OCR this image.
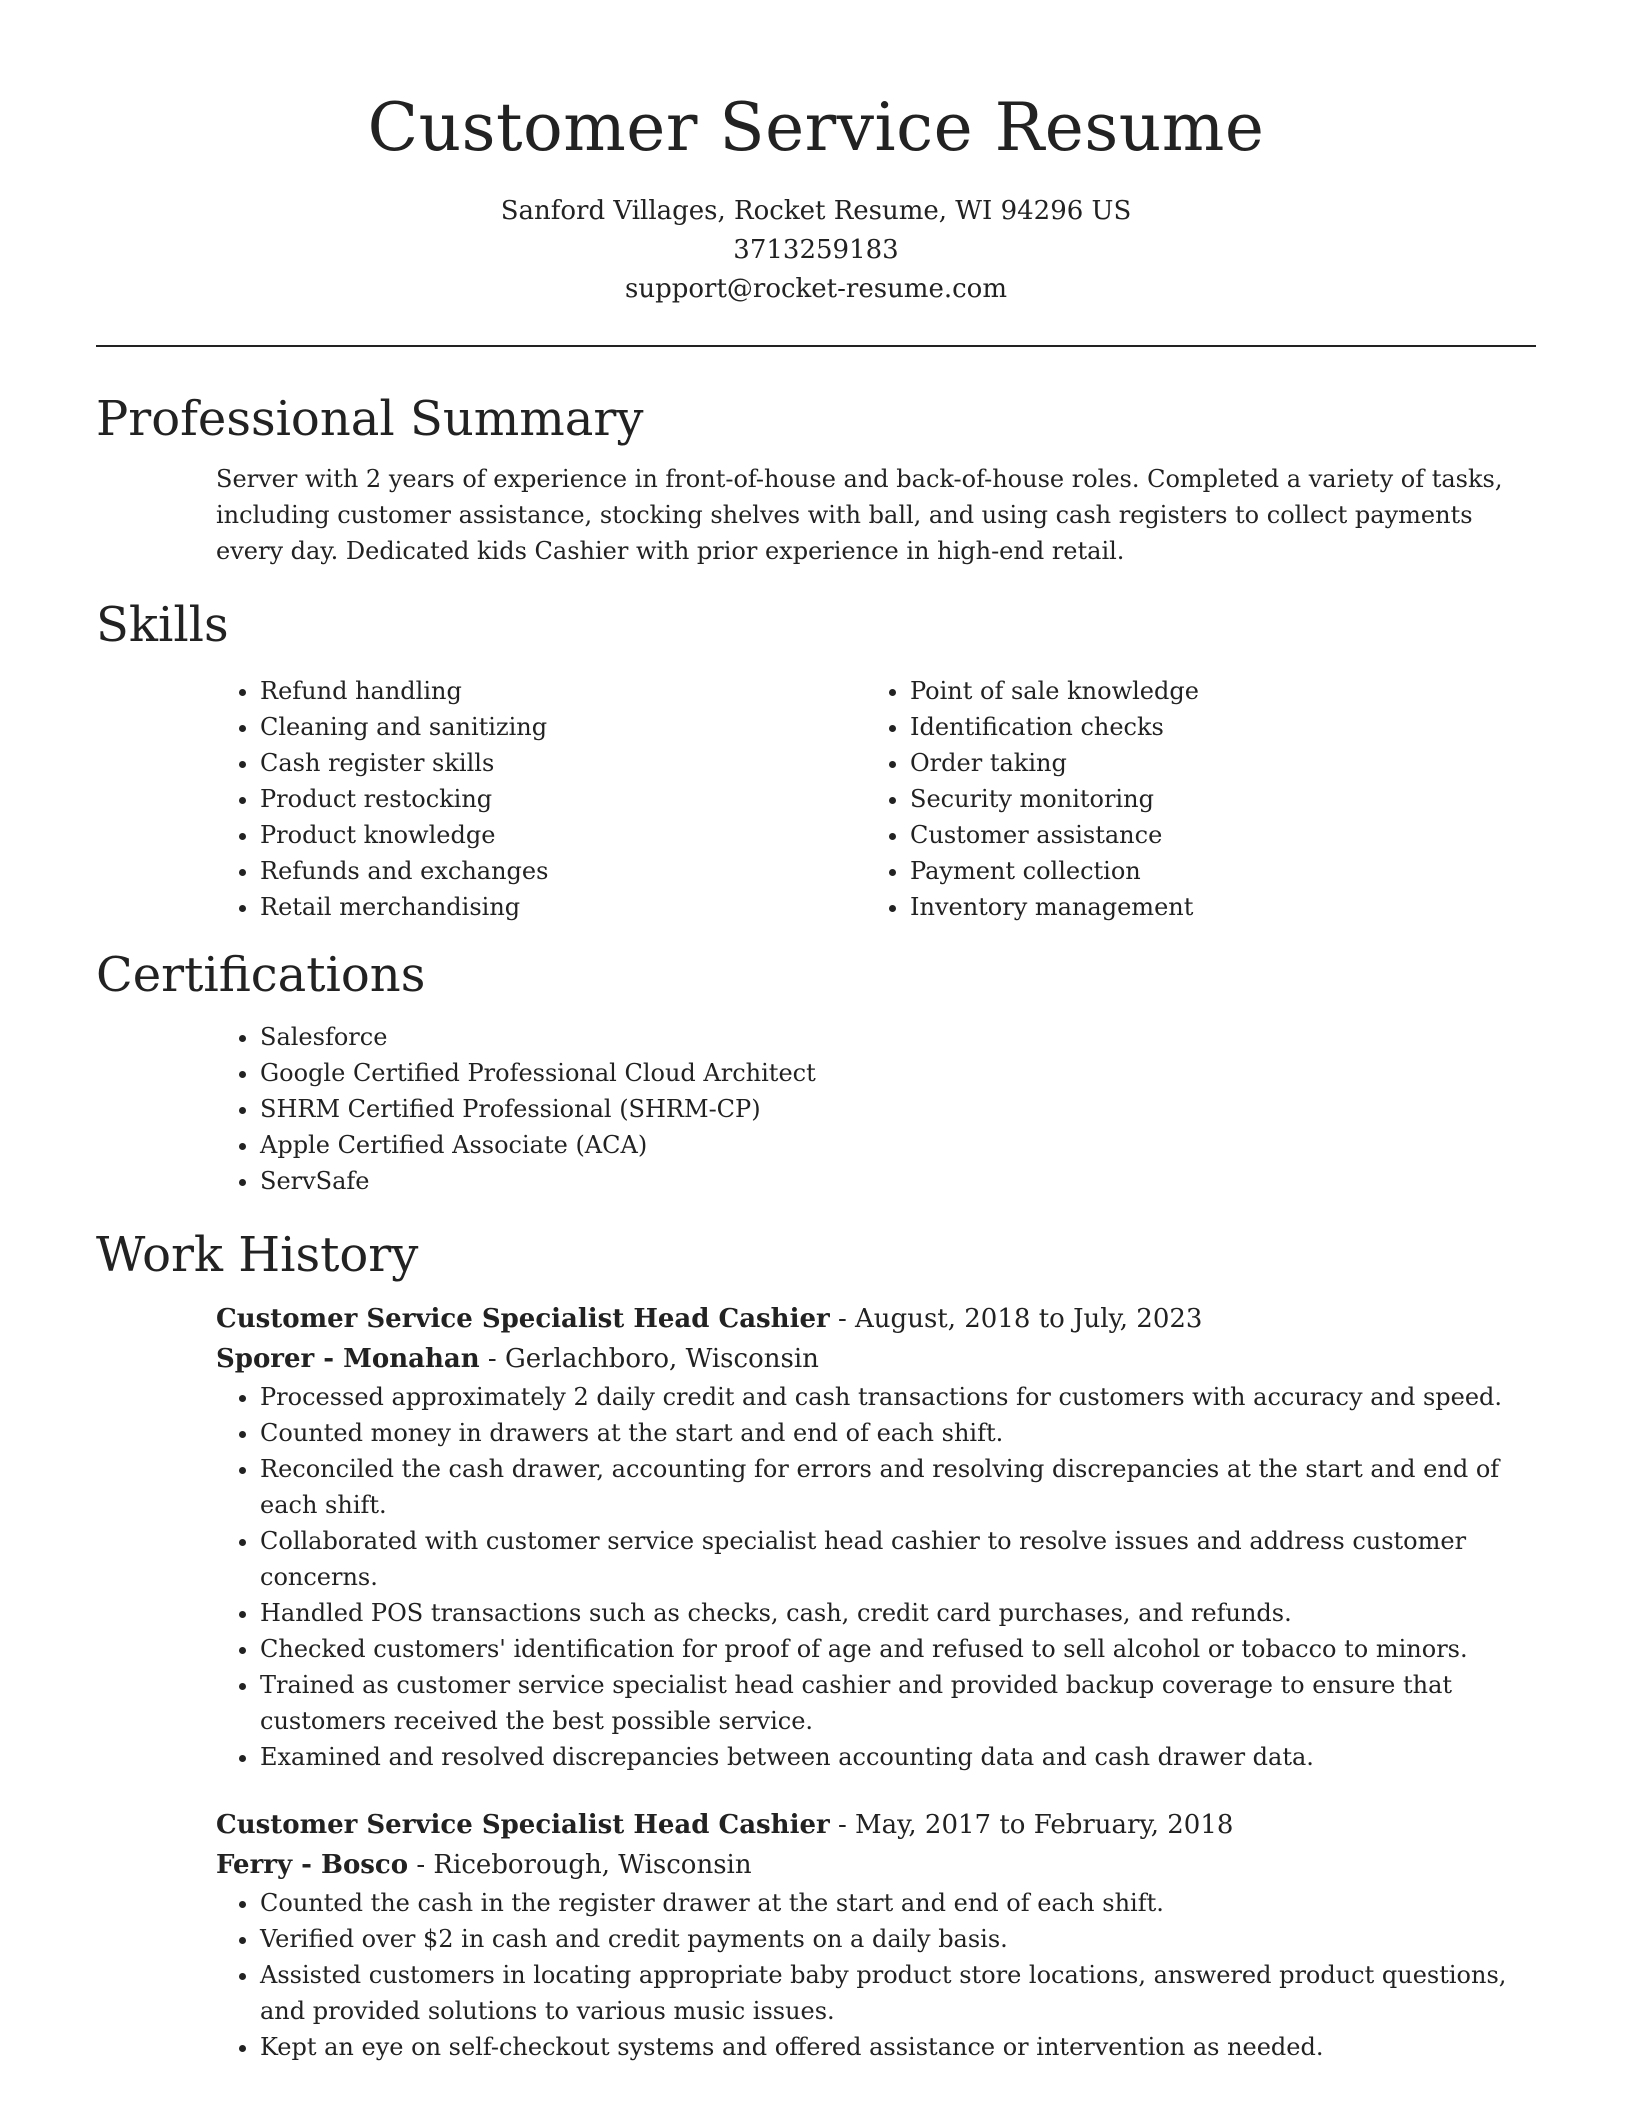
Customer Service Resume
Sanford Villages, Rocket Resume, WI 94296 US
3713259183
support@rocket-resume.com
Professional Summary

Server with 2 years of experience in front-of-house and back-of-house roles. Completed a variety of tasks, including customer assistance, stocking shelves with ball, and using cash registers to collect payments every day. Dedicated kids Cashier with prior experience in high-end retail.

Skills
• Refund handling
• Cleaning and sanitizing
• Cash register skills
• Product restocking
• Product knowledge
• Refunds and exchanges
• Retail merchandising
• Point of sale knowledge
• Identification checks
• Order taking
• Security monitoring
• Customer assistance
• Payment collection
• Inventory management
Certifications
• Salesforce
• Google Certified Professional Cloud Architect
• SHRM Certified Professional (SHRM-CP)
• Apple Certified Associate (ACA)
• ServSafe
Work History
Customer Service Specialist Head Cashier - August, 2018 to July, 2023
Sporer - Monahan - Gerlachboro, Wisconsin
• Processed approximately 2 daily credit and cash transactions for customers with accuracy and speed.
• Counted money in drawers at the start and end of each shift.
• Reconciled the cash drawer, accounting for errors and resolving discrepancies at the start and end of each shift.
• Collaborated with customer service specialist head cashier to resolve issues and address customer concerns.
• Handled POS transactions such as checks, cash, credit card purchases, and refunds.
• Checked customers' identification for proof of age and refused to sell alcohol or tobacco to minors.
• Trained as customer service specialist head cashier and provided backup coverage to ensure that customers received the best possible service.
• Examined and resolved discrepancies between accounting data and cash drawer data.
Customer Service Specialist Head Cashier - May, 2017 to February, 2018
Ferry - Bosco - Riceborough, Wisconsin
• Counted the cash in the register drawer at the start and end of each shift.
• Verified over $2 in cash and credit payments on a daily basis.
• Assisted customers in locating appropriate baby product store locations, answered product questions, and provided solutions to various music issues.
• Kept an eye on self-checkout systems and offered assistance or intervention as needed.
